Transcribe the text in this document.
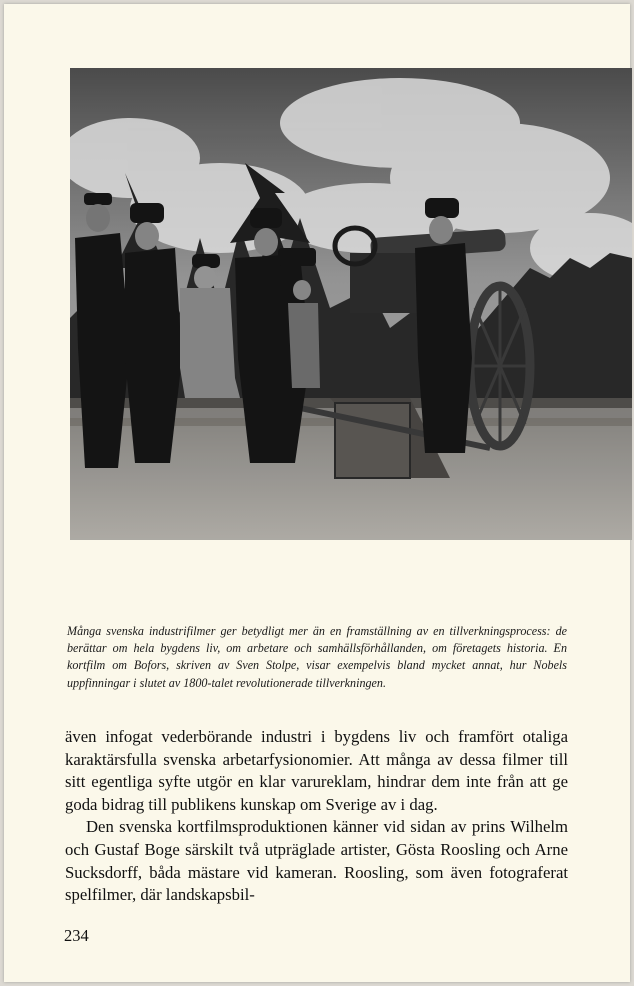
Många svenska industrifilmer ger betydligt mer än en framställning av en tillverkningsprocess: de berättar om hela bygdens liv, om arbetare och samhällsförhållanden, om företagets historia. En kortfilm om Bofors, skriven av Sven Stolpe, visar exempelvis bland mycket annat, hur Nobels uppfinningar i slutet av 1800-talet revolutionerade tillverkningen.

även infogat vederbörande industri i bygdens liv och framfört otaliga karaktärsfulla svenska arbetarfysionomier. Att många av dessa filmer till sitt egentliga syfte utgör en klar varureklam, hindrar dem inte från att ge goda bidrag till publikens kunskap om Sverige av i dag.

Den svenska kortfilmsproduktionen känner vid sidan av prins Wilhelm och Gustaf Boge särskilt två utpräglade artister, Gösta Roosling och Arne Sucksdorff, båda mästare vid kameran. Roosling, som även fotograferat spelfilmer, där landskapsbil-

234
